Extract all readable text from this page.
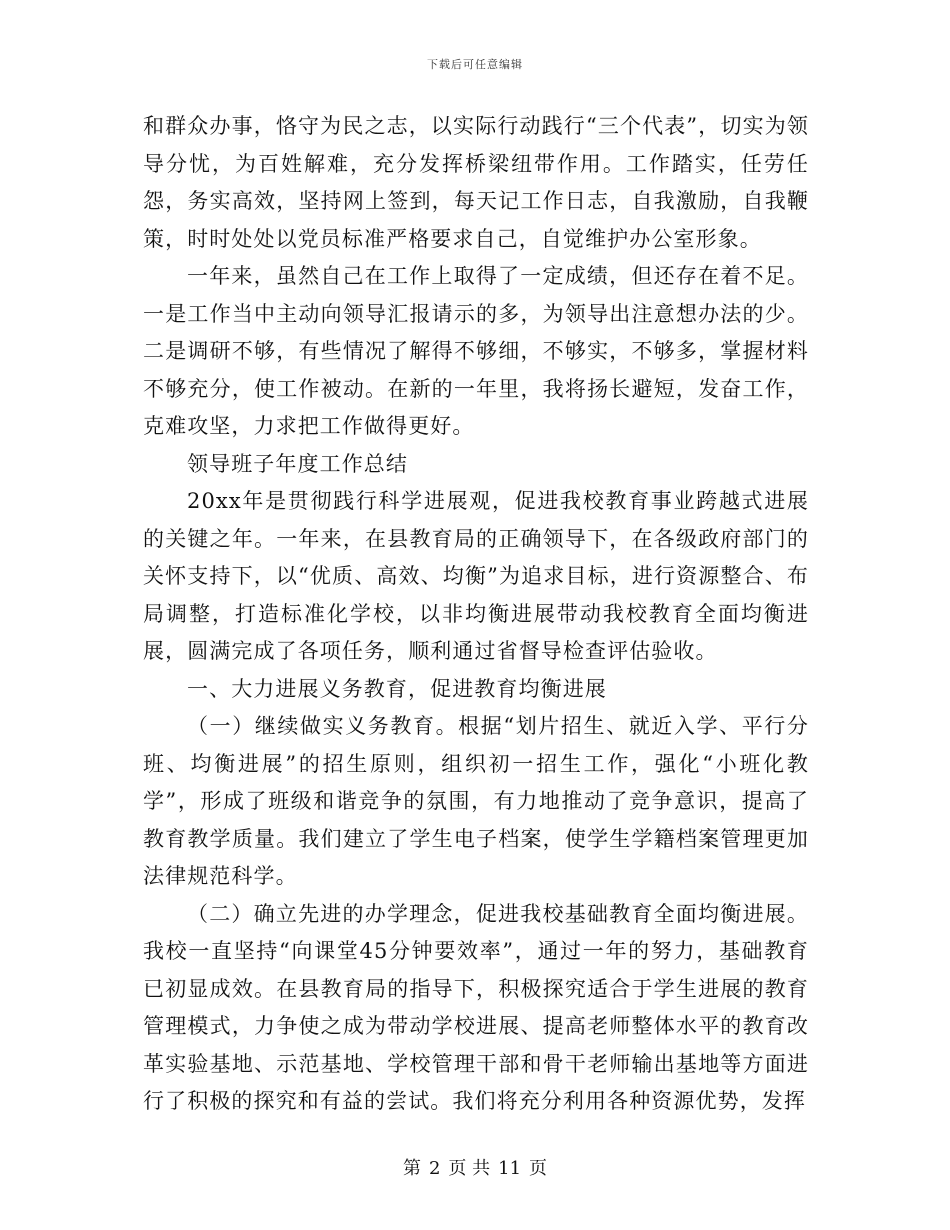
下载后可任意编辑

和群众办事，恪守为民之志，以实际行动践行“三个代表”，切实为领导分忧，为百姓解难，充分发挥桥梁纽带作用。工作踏实，任劳任怨，务实高效，坚持网上签到，每天记工作日志，自我激励，自我鞭策，时时处处以党员标准严格要求自己，自觉维护办公室形象。

一年来，虽然自己在工作上取得了一定成绩，但还存在着不足。一是工作当中主动向领导汇报请示的多，为领导出注意想办法的少。二是调研不够，有些情况了解得不够细，不够实，不够多，掌握材料不够充分，使工作被动。在新的一年里，我将扬长避短，发奋工作，克难攻坚，力求把工作做得更好。

领导班子年度工作总结

20xx年是贯彻践行科学进展观，促进我校教育事业跨越式进展的关键之年。一年来，在县教育局的正确领导下，在各级政府部门的关怀支持下，以“优质、高效、均衡”为追求目标，进行资源整合、布局调整，打造标准化学校，以非均衡进展带动我校教育全面均衡进展，圆满完成了各项任务，顺利通过省督导检查评估验收。

一、大力进展义务教育，促进教育均衡进展

（一）继续做实义务教育。根据“划片招生、就近入学、平行分班、均衡进展”的招生原则，组织初一招生工作，强化“小班化教学”，形成了班级和谐竞争的氛围，有力地推动了竞争意识，提高了教育教学质量。我们建立了学生电子档案，使学生学籍档案管理更加法律规范科学。

（二）确立先进的办学理念，促进我校基础教育全面均衡进展。我校一直坚持“向课堂45分钟要效率”，通过一年的努力，基础教育已初显成效。在县教育局的指导下，积极探究适合于学生进展的教育管理模式，力争使之成为带动学校进展、提高老师整体水平的教育改革实验基地、示范基地、学校管理干部和骨干老师输出基地等方面进行了积极的探究和有益的尝试。我们将充分利用各种资源优势，发挥

第 2 页 共 11 页
